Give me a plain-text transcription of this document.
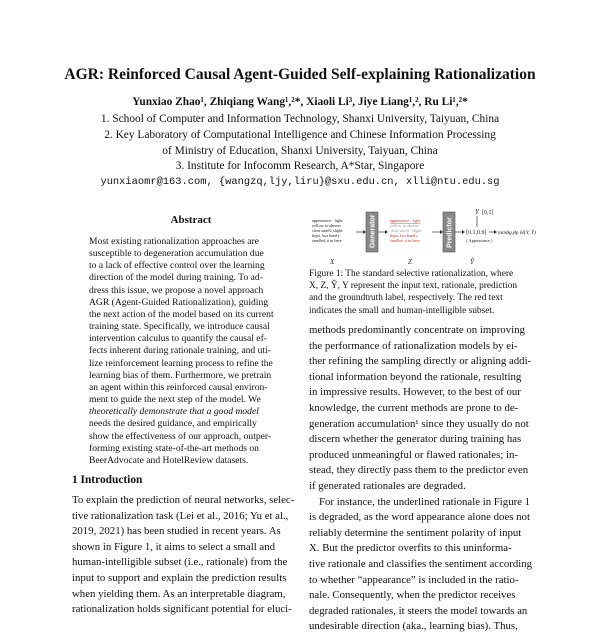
AGR: Reinforced Causal Agent-Guided Self-explaining Rationalization
Yunxiao Zhao¹, Zhiqiang Wang¹,²*, Xiaoli Li³, Jiye Liang¹,², Ru Li¹,²*
1. School of Computer and Information Technology, Shanxi University, Taiyuan, China
2. Key Laboratory of Computational Intelligence and Chinese Information Processing
of Ministry of Education, Shanxi University, Taiyuan, China
3. Institute for Infocomm Research, A*Star, Singapore
yunxiaomr@163.com, {wangzq,ljy,liru}@sxu.edu.cn, xlli@ntu.edu.sg
Abstract

Most existing rationalization approaches are

susceptible to degeneration accumulation due

to a lack of effective control over the learning

direction of the model during training. To ad-

dress this issue, we propose a novel approach

AGR (Agent-Guided Rationalization), guiding

the next action of the model based on its current

training state. Specifically, we introduce causal

intervention calculus to quantify the causal ef-

fects inherent during rationale training, and uti-

lize reinforcement learning process to refine the

learning bias of them. Furthermore, we pretrain

an agent within this reinforced causal environ-

ment to guide the next step of the model. We

theoretically demonstrate that a good model

needs the desired guidance, and empirically

show the effectiveness of our approach, outper-

forming existing state-of-the-art methods on

BeerAdvocate and HotelReview datasets.

1 Introduction

To explain the prediction of neural networks, selec-

tive rationalization task (Lei et al., 2016; Yu et al.,

2019, 2021) has been studied in recent years. As

shown in Figure 1, it aims to select a small and

human-intelligible subset (i.e., rationale) from the

input to support and explain the prediction results

when yielding them. As an interpretable diagram,

rationalization holds significant potential for eluci-

appearance : light
yellow to almost
clear smell: slight
hops, but barely
smelled it in here	Generator	appearance : light
yellow to almost
clear smell : slight
hops, but barely
smelled it in here	Predictor [0.1,0.9]
( Appearance )
Y [0,1]
minθg,θp H(Y, Ŷ)
X	Z	Ŷ
Figure 1: The standard selective rationalization, where
X, Z, Ŷ, Y represent the input text, rationale, prediction
and the groundtruth label, respectively. The red text
indicates the small and human-intelligible subset.

methods predominantly concentrate on improving

the performance of rationalization models by ei-

ther refining the sampling directly or aligning addi-

tional information beyond the rationale, resulting

in impressive results. However, to the best of our

knowledge, the current methods are prone to de-

generation accumulation¹ since they usually do not

discern whether the generator during training has

produced unmeaningful or flawed rationales; in-

stead, they directly pass them to the predictor even

if generated rationales are degraded.

For instance, the underlined rationale in Figure 1

is degraded, as the word appearance alone does not

reliably determine the sentiment polarity of input

X. But the predictor overfits to this uninforma-

tive rationale and classifies the sentiment according

to whether “appearance” is included in the ratio-

nale. Consequently, when the predictor receives

degraded rationales, it steers the model towards an

undesirable direction (aka., learning bias). Thus,
